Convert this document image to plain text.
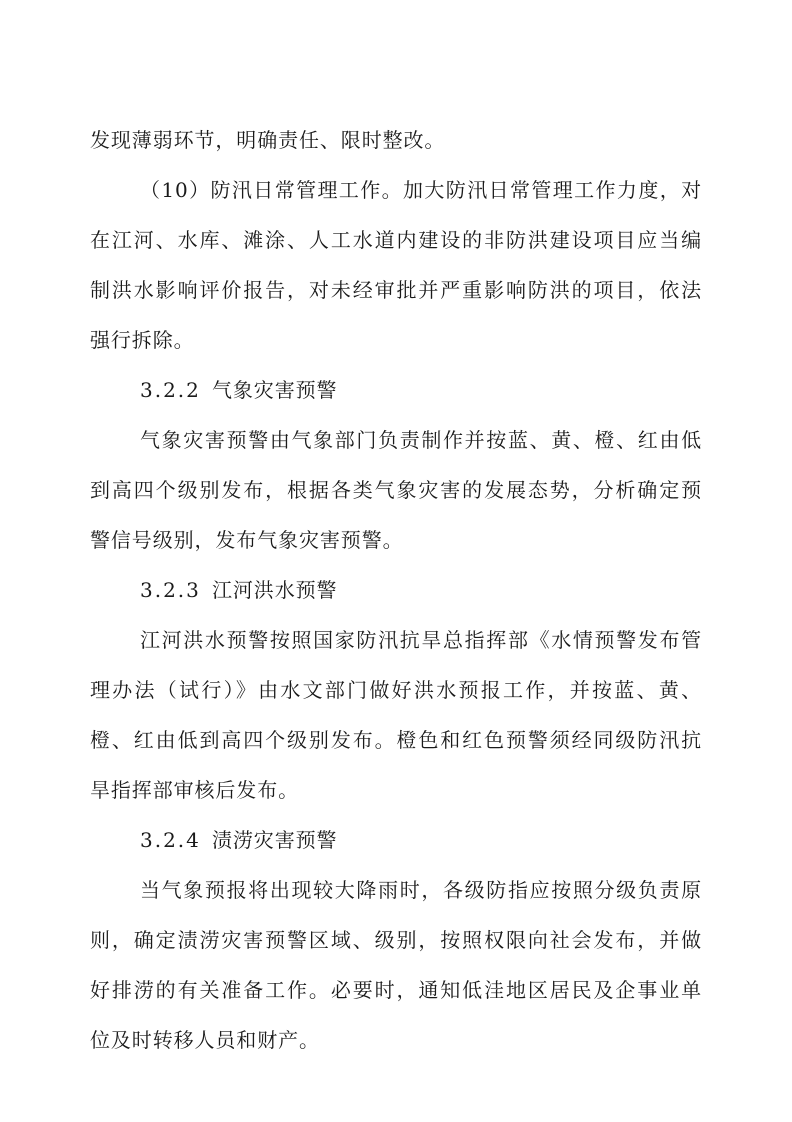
发现薄弱环节，明确责任、限时整改。
（10）防汛日常管理工作。加大防汛日常管理工作力度，对
在江河、水库、滩涂、人工水道内建设的非防洪建设项目应当编
制洪水影响评价报告，对未经审批并严重影响防洪的项目，依法
强行拆除。
3.2.2 气象灾害预警
气象灾害预警由气象部门负责制作并按蓝、黄、橙、红由低
到高四个级别发布，根据各类气象灾害的发展态势，分析确定预
警信号级别，发布气象灾害预警。
3.2.3 江河洪水预警
江河洪水预警按照国家防汛抗旱总指挥部《水情预警发布管
理办法（试行）》由水文部门做好洪水预报工作，并按蓝、黄、
橙、红由低到高四个级别发布。橙色和红色预警须经同级防汛抗
旱指挥部审核后发布。
3.2.4 渍涝灾害预警
当气象预报将出现较大降雨时，各级防指应按照分级负责原
则，确定渍涝灾害预警区域、级别，按照权限向社会发布，并做
好排涝的有关准备工作。必要时，通知低洼地区居民及企事业单
位及时转移人员和财产。
